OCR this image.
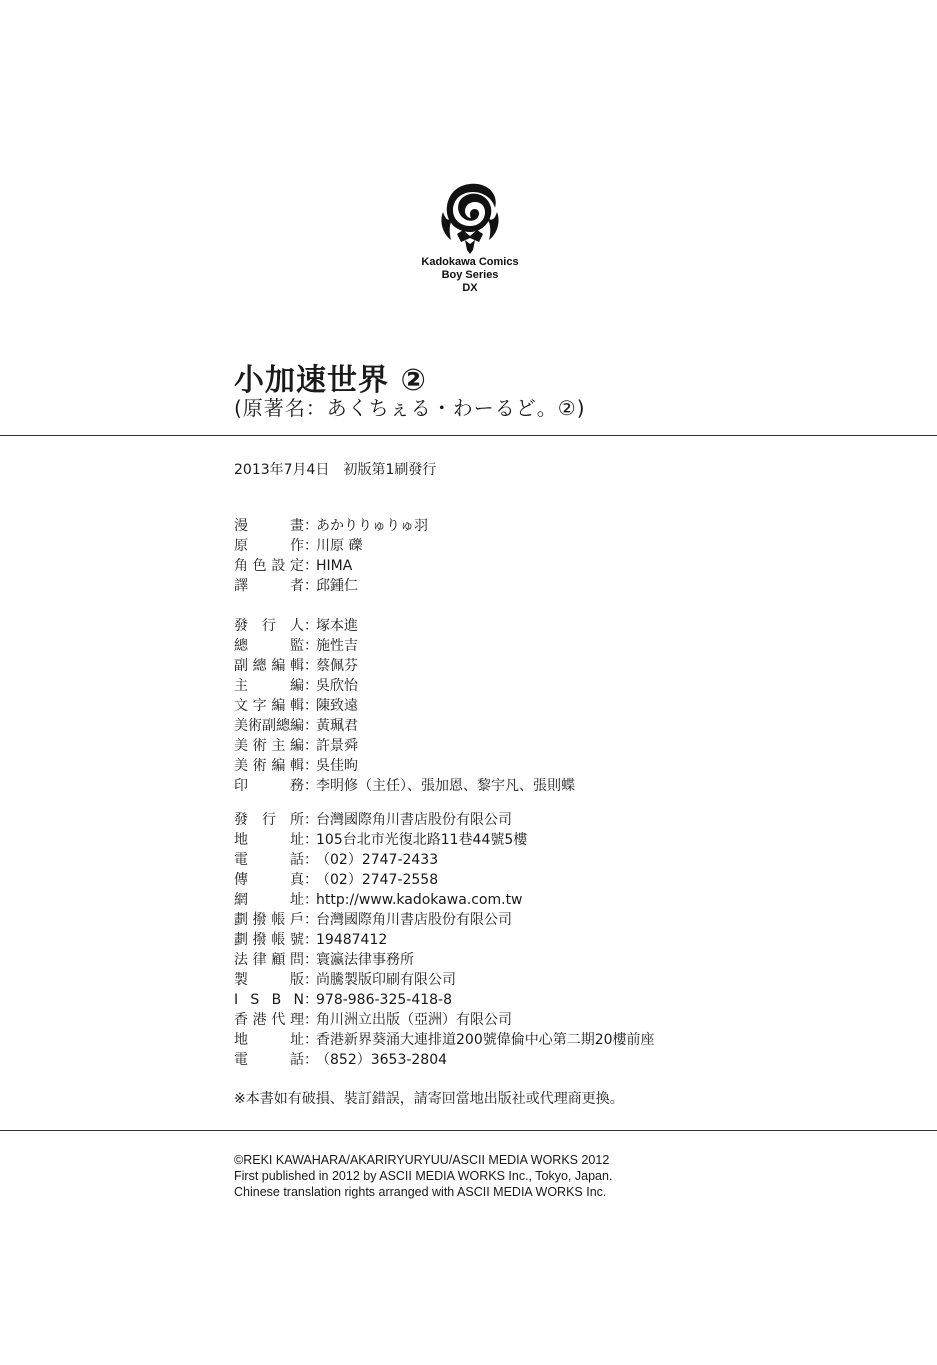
Kadokawa Comics
Boy Series
DX
小加速世界 ②
(原著名：あくちぇる・わーるど。②)
2013年7月4日　初版第1刷發行
漫	畫 ：
あかりりゅりゅ羽
原	作 ：
川原 礫
角 色 設 定 ：
HIMA
譯	者 ：
邱鍾仁
發 行 人 ：
塚本進
總	監 ：
施性吉
副 總 編 輯 ：
蔡佩芬
主	編 ：
吳欣怡
文 字 編 輯 ：
陳致遠
美 術 副 總 編 ：
黃珮君
美 術 主 編 ：
許景舜
美 術 編 輯 ：
吳佳昫
印	務 ：
李明修（主任）、張加恩、黎宇凡、張則蝶
發 行 所 ：
台灣國際角川書店股份有限公司
地	址 ：
105台北市光復北路11巷44號5樓
電	話 ：
（02）2747-2433
傳	真 ：
（02）2747-2558
網	址 ：
http://www.kadokawa.com.tw
劃 撥 帳 戶 ：
台灣國際角川書店股份有限公司
劃 撥 帳 號 ：
19487412
法 律 顧 問 ：
寰瀛法律事務所
製	版 ：
尚騰製版印刷有限公司
I S B N ：
978-986-325-418-8
香 港 代 理 ：
角川洲立出版（亞洲）有限公司
地	址 ：
香港新界葵涌大連排道200號偉倫中心第二期20樓前座
電	話 ：
（852）3653-2804
※本書如有破損、裝訂錯誤，請寄回當地出版社或代理商更換。
©REKI KAWAHARA/AKARIRYURYUU/ASCII MEDIA WORKS 2012
First published in 2012 by ASCII MEDIA WORKS Inc., Tokyo, Japan.
Chinese translation rights arranged with ASCII MEDIA WORKS Inc.
